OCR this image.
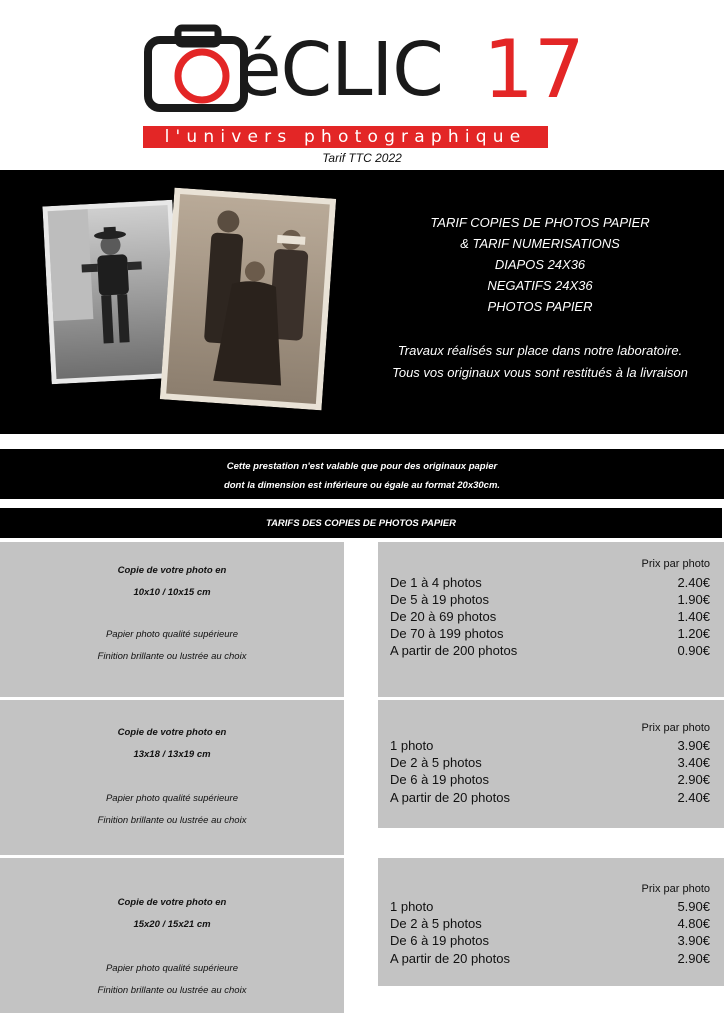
éCLIC 17
l'univers photographique
Tarif TTC 2022
TARIF COPIES DE PHOTOS PAPIER
& TARIF NUMERISATIONS
DIAPOS 24X36
NEGATIFS 24X36
PHOTOS PAPIER
Travaux réalisés sur place dans notre laboratoire.
Tous vos originaux vous sont restitués à la livraison
Cette prestation n'est valable que pour des originaux papier
dont la dimension est inférieure ou égale au format 20x30cm.
TARIFS DES COPIES DE PHOTOS PAPIER
Copie de votre photo en
10x10 / 10x15 cm
Papier photo qualité supérieure
Finition brillante ou lustrée au choix
Prix par photo
De 1 à 4 photos	2.40€
De 5 à 19 photos	1.90€
De 20 à 69 photos	1.40€
De 70 à 199 photos	1.20€
A partir de 200 photos	0.90€
Copie de votre photo en
13x18 / 13x19 cm
Papier photo qualité supérieure
Finition brillante ou lustrée au choix
Prix par photo
1 photo	3.90€
De 2 à 5 photos	3.40€
De 6 à 19 photos	2.90€
A partir de 20 photos	2.40€
Copie de votre photo en
15x20 / 15x21 cm
Papier photo qualité supérieure
Finition brillante ou lustrée au choix
Prix par photo
1 photo	5.90€
De 2 à 5 photos	4.80€
De 6 à 19 photos	3.90€
A partir de 20 photos	2.90€
